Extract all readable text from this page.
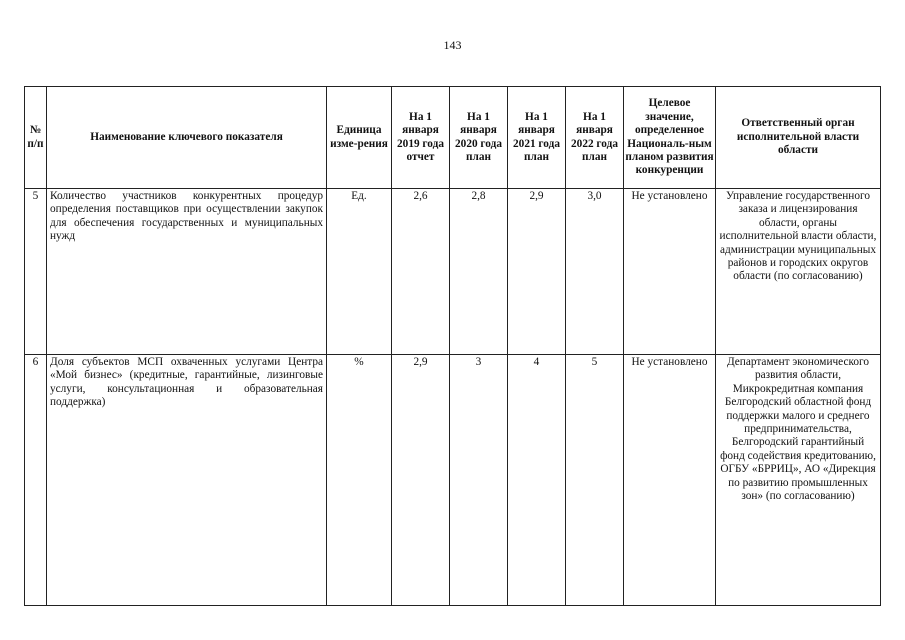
143
№ п/п	Наименование ключевого показателя	Единица изме-рения	На 1 января 2019 года отчет	На 1 января 2020 года план	На 1 января 2021 года план	На 1 января 2022 года план	Целевое значение, определенное Националь-ным планом развития конкуренции	Ответственный орган исполнительной власти области
5	Количество участников конкурентных процедур определения поставщиков при осуществлении закупок для обеспечения государственных и муниципальных нужд	Ед.	2,6	2,8	2,9	3,0	Не установлено	Управление государственного заказа и лицензирования области, органы исполнительной власти области, администрации муниципальных районов и городских округов области (по согласованию)
6	Доля субъектов МСП охваченных услугами Центра «Мой бизнес» (кредитные, гарантийные, лизинговые услуги, консультационная и образовательная поддержка)	%	2,9	3	4	5	Не установлено	Департамент экономического развития области, Микрокредитная компания Белгородский областной фонд поддержки малого и среднего предпринимательства, Белгородский гарантийный фонд содействия кредитованию, ОГБУ «БРРИЦ», АО «Дирекция по развитию промышленных зон» (по согласованию)
